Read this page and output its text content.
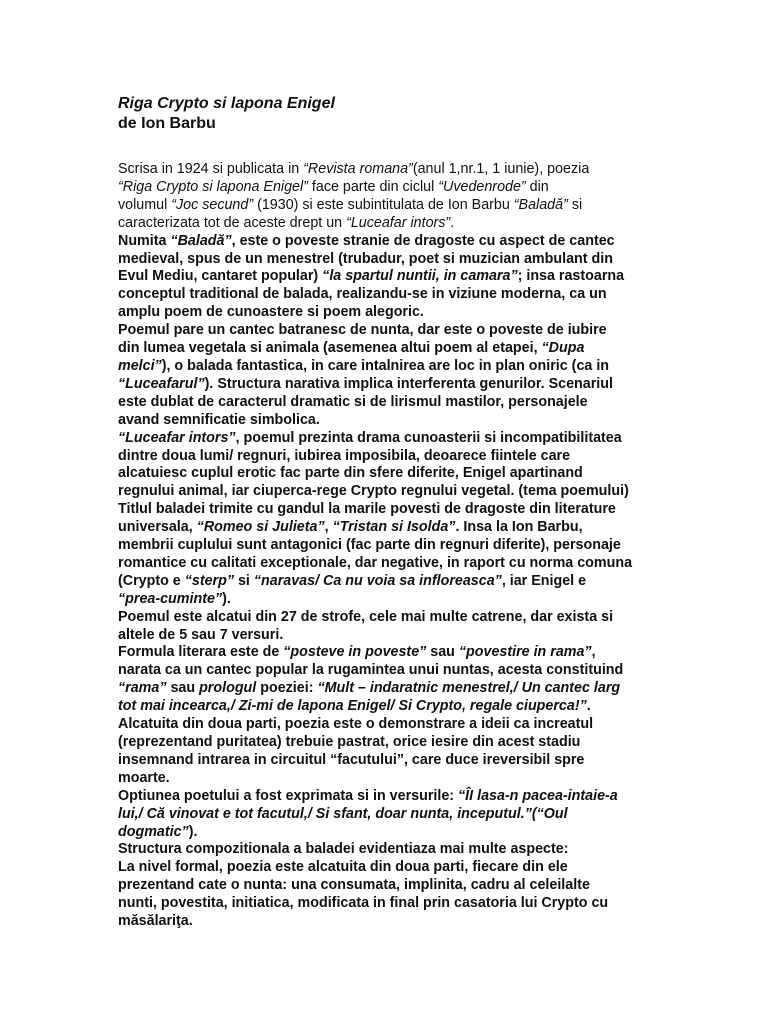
Riga Crypto si lapona Enigel

de Ion Barbu

Scrisa in 1924 si publicata in “Revista romana”(anul 1,nr.1, 1 iunie), poezia
“Riga Crypto si lapona Enigel” face parte din ciclul “Uvedenrode” din
volumul “Joc secund” (1930) si este subintitulata de Ion Barbu “Baladă” si
caracterizata tot de aceste drept un “Luceafar intors”.
Numita “Baladă”, este o poveste stranie de dragoste cu aspect de cantec
medieval, spus de un menestrel (trubadur, poet si muzician ambulant din
Evul Mediu, cantaret popular) “la spartul nuntii, in camara”; insa rastoarna
conceptul traditional de balada, realizandu-se in viziune moderna, ca un
amplu poem de cunoastere si poem alegoric.
Poemul pare un cantec batranesc de nunta, dar este o poveste de iubire
din lumea vegetala si animala (asemenea altui poem al etapei, “Dupa
melci”), o balada fantastica, in care intalnirea are loc in plan oniric (ca in
“Luceafarul”). Structura narativa implica interferenta genurilor. Scenariul
este dublat de caracterul dramatic si de lirismul mastilor, personajele
avand semnificatie simbolica.
“Luceafar intors”, poemul prezinta drama cunoasterii si incompatibilitatea
dintre doua lumi/ regnuri, iubirea imposibila, deoarece fiintele care
alcatuiesc cuplul erotic fac parte din sfere diferite, Enigel apartinand
regnului animal, iar ciuperca-rege Crypto regnului vegetal. (tema poemului)
Titlul baladei trimite cu gandul la marile povesti de dragoste din literature
universala, “Romeo si Julieta”, “Tristan si Isolda”. Insa la Ion Barbu,
membrii cuplului sunt antagonici (fac parte din regnuri diferite), personaje
romantice cu calitati exceptionale, dar negative, in raport cu norma comuna
(Crypto e “sterp” si “naravas/ Ca nu voia sa infloreasca”, iar Enigel e
“prea-cuminte”).
Poemul este alcatui din 27 de strofe, cele mai multe catrene, dar exista si
altele de 5 sau 7 versuri.
Formula literara este de “posteve in poveste” sau “povestire in rama”,
narata ca un cantec popular la rugamintea unui nuntas, acesta constituind
“rama” sau prologul poeziei: “Mult – indaratnic menestrel,/ Un cantec larg
tot mai incearca,/ Zi-mi de lapona Enigel/ Si Crypto, regale ciuperca!”.
Alcatuita din doua parti, poezia este o demonstrare a ideii ca increatul
(reprezentand puritatea) trebuie pastrat, orice iesire din acest stadiu
insemnand intrarea in circuitul “facutului”, care duce ireversibil spre
moarte.
Optiunea poetului a fost exprimata si in versurile: “ÎI lasa-n pacea-intaie-a
lui,/ Că vinovat e tot facutul,/ Si sfant, doar nunta, inceputul.”(“Oul
dogmatic”).
Structura compozitionala a baladei evidentiaza mai multe aspecte:
La nivel formal, poezia este alcatuita din doua parti, fiecare din ele
prezentand cate o nunta: una consumata, implinita, cadru al celeilalte
nunti, povestita, initiatica, modificata in final prin casatoria lui Crypto cu
măsălariţa.
